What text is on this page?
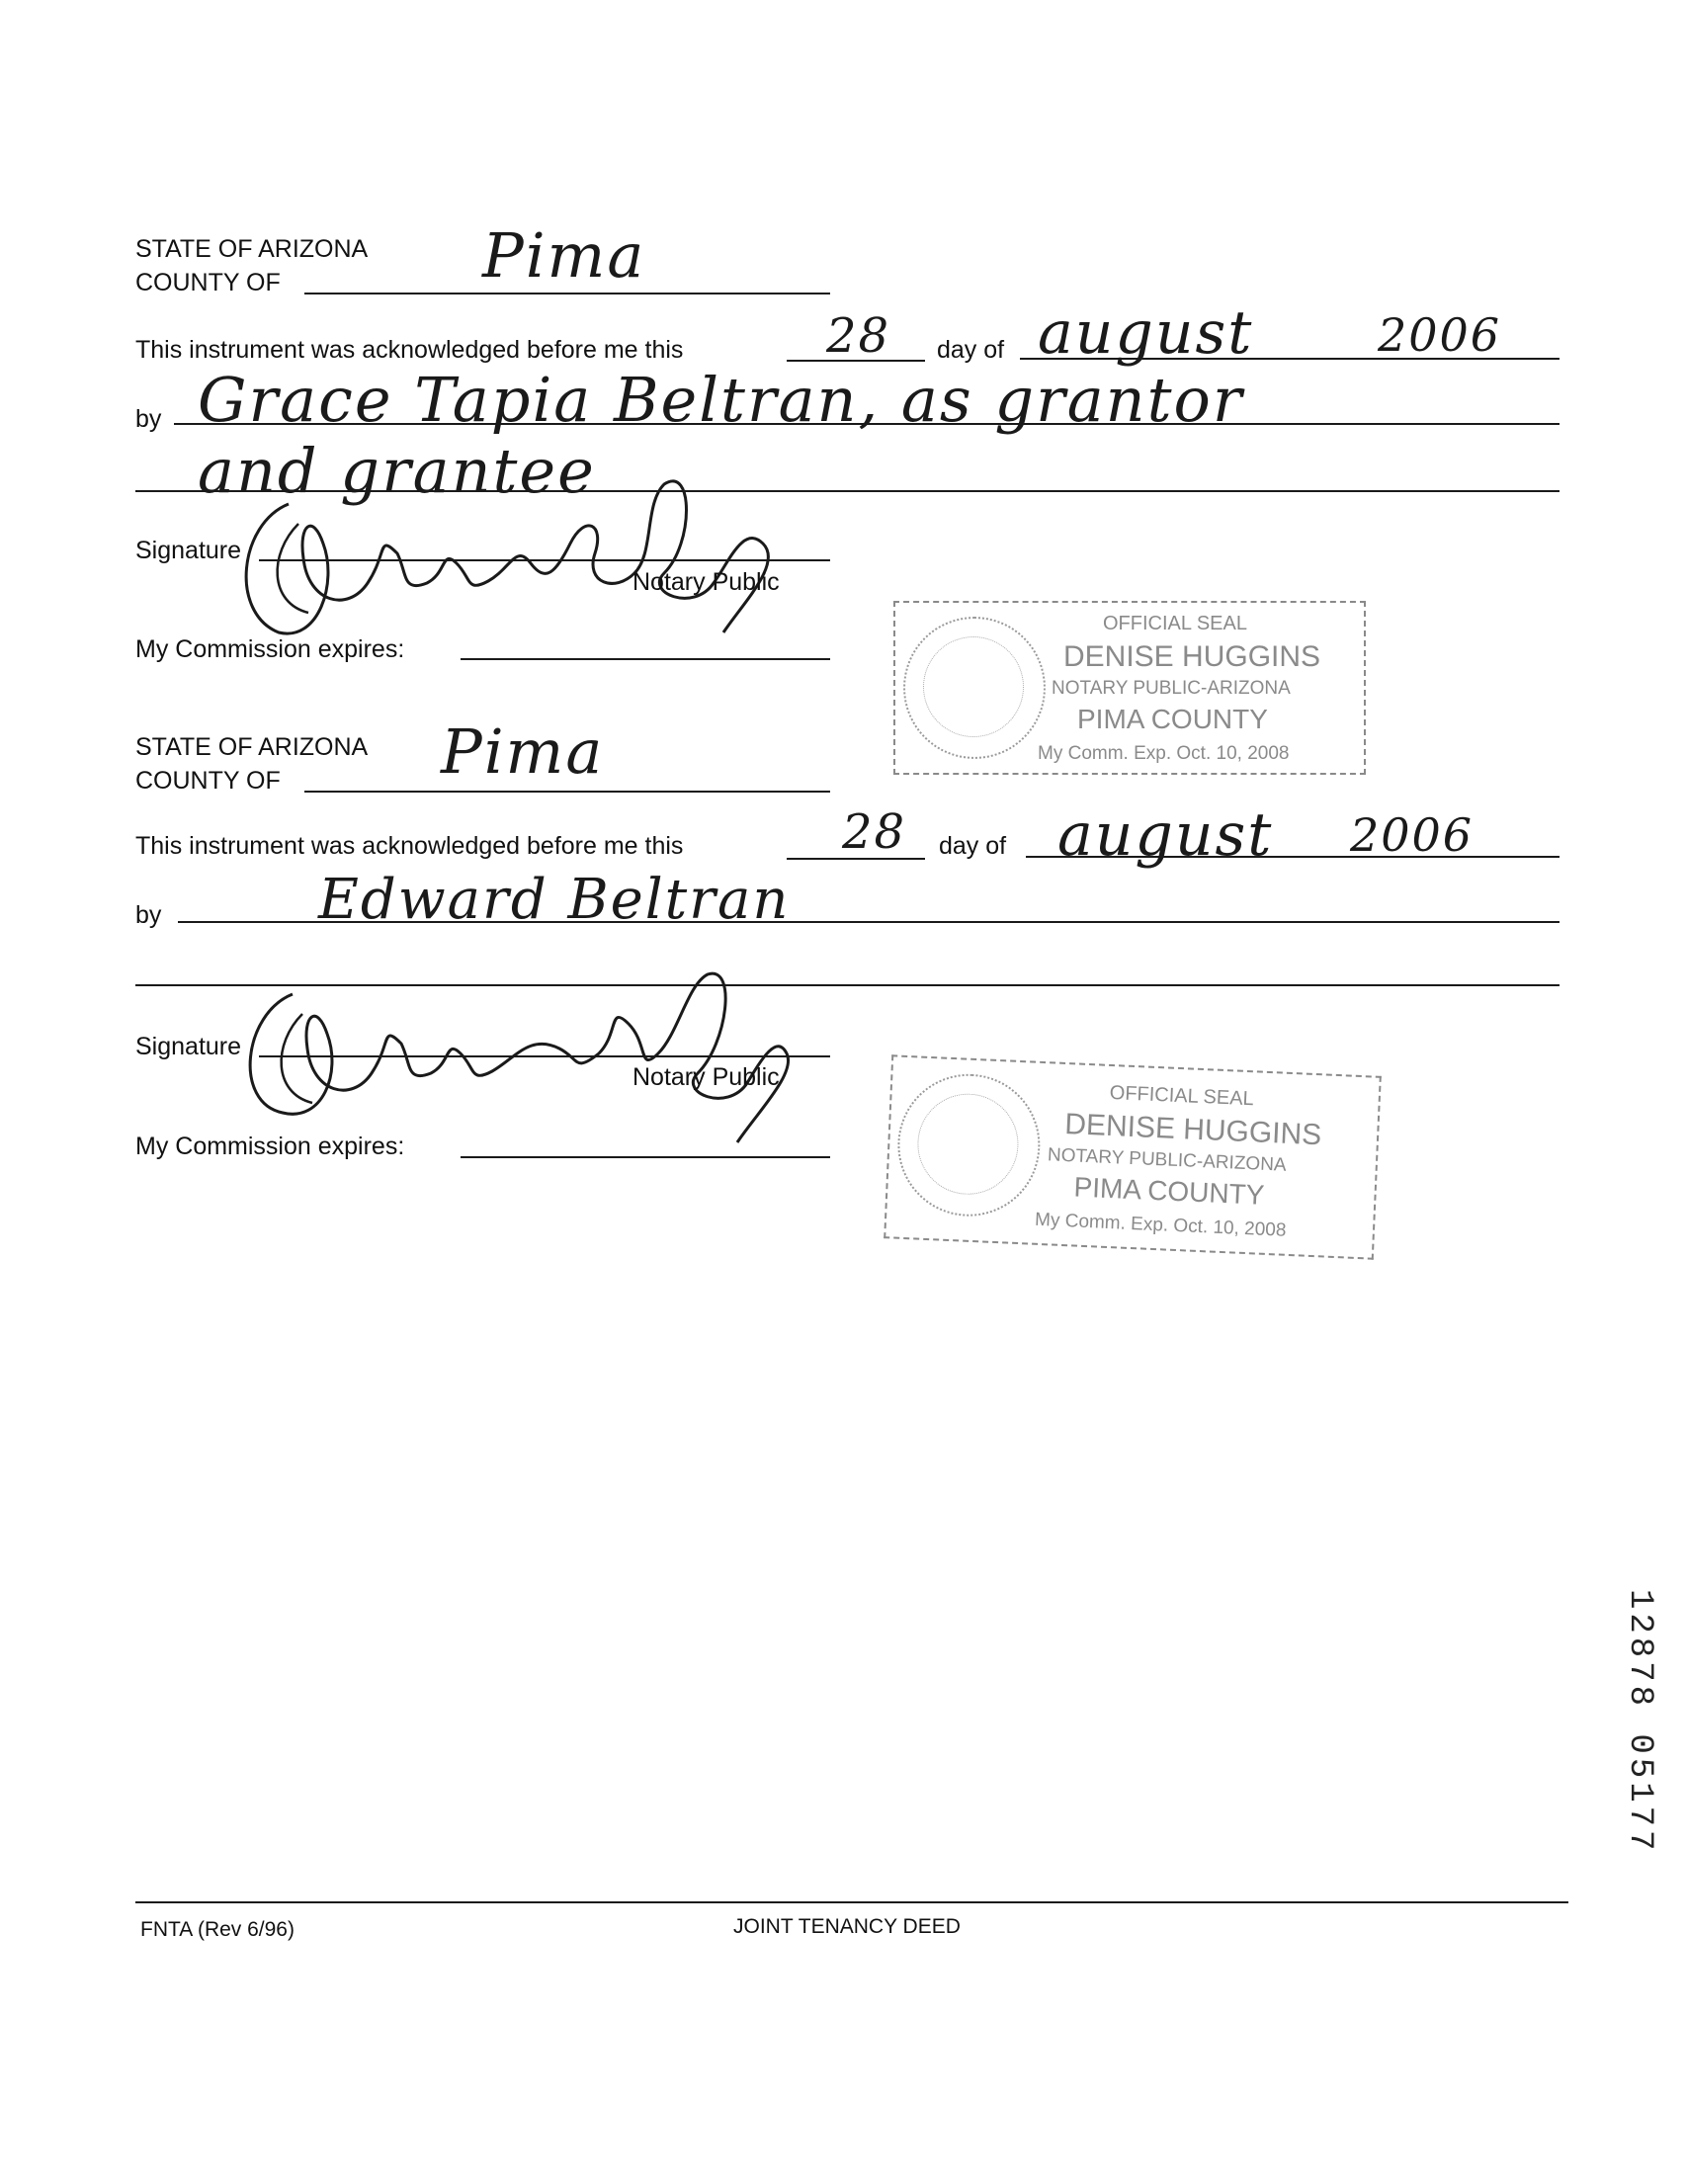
STATE OF ARIZONA
COUNTY OF	Pima
This instrument was acknowledged before me this	28 day of august	2006
by Grace Tapia Beltran, as grantor
and grantee
Signature
Notary Public
My Commission expires:
OFFICIAL SEAL
DENISE HUGGINS
NOTARY PUBLIC-ARIZONA
PIMA COUNTY
My Comm. Exp. Oct. 10, 2008
STATE OF ARIZONA
COUNTY OF	Pima
This instrument was acknowledged before me this	28 day of august 2006
by	Edward Beltran
Signature
Notary Public
My Commission expires:
OFFICIAL SEAL
DENISE HUGGINS
NOTARY PUBLIC-ARIZONA
PIMA COUNTY
My Comm. Exp. Oct. 10, 2008
12878 05177
FNTA (Rev 6/96)	JOINT TENANCY DEED
